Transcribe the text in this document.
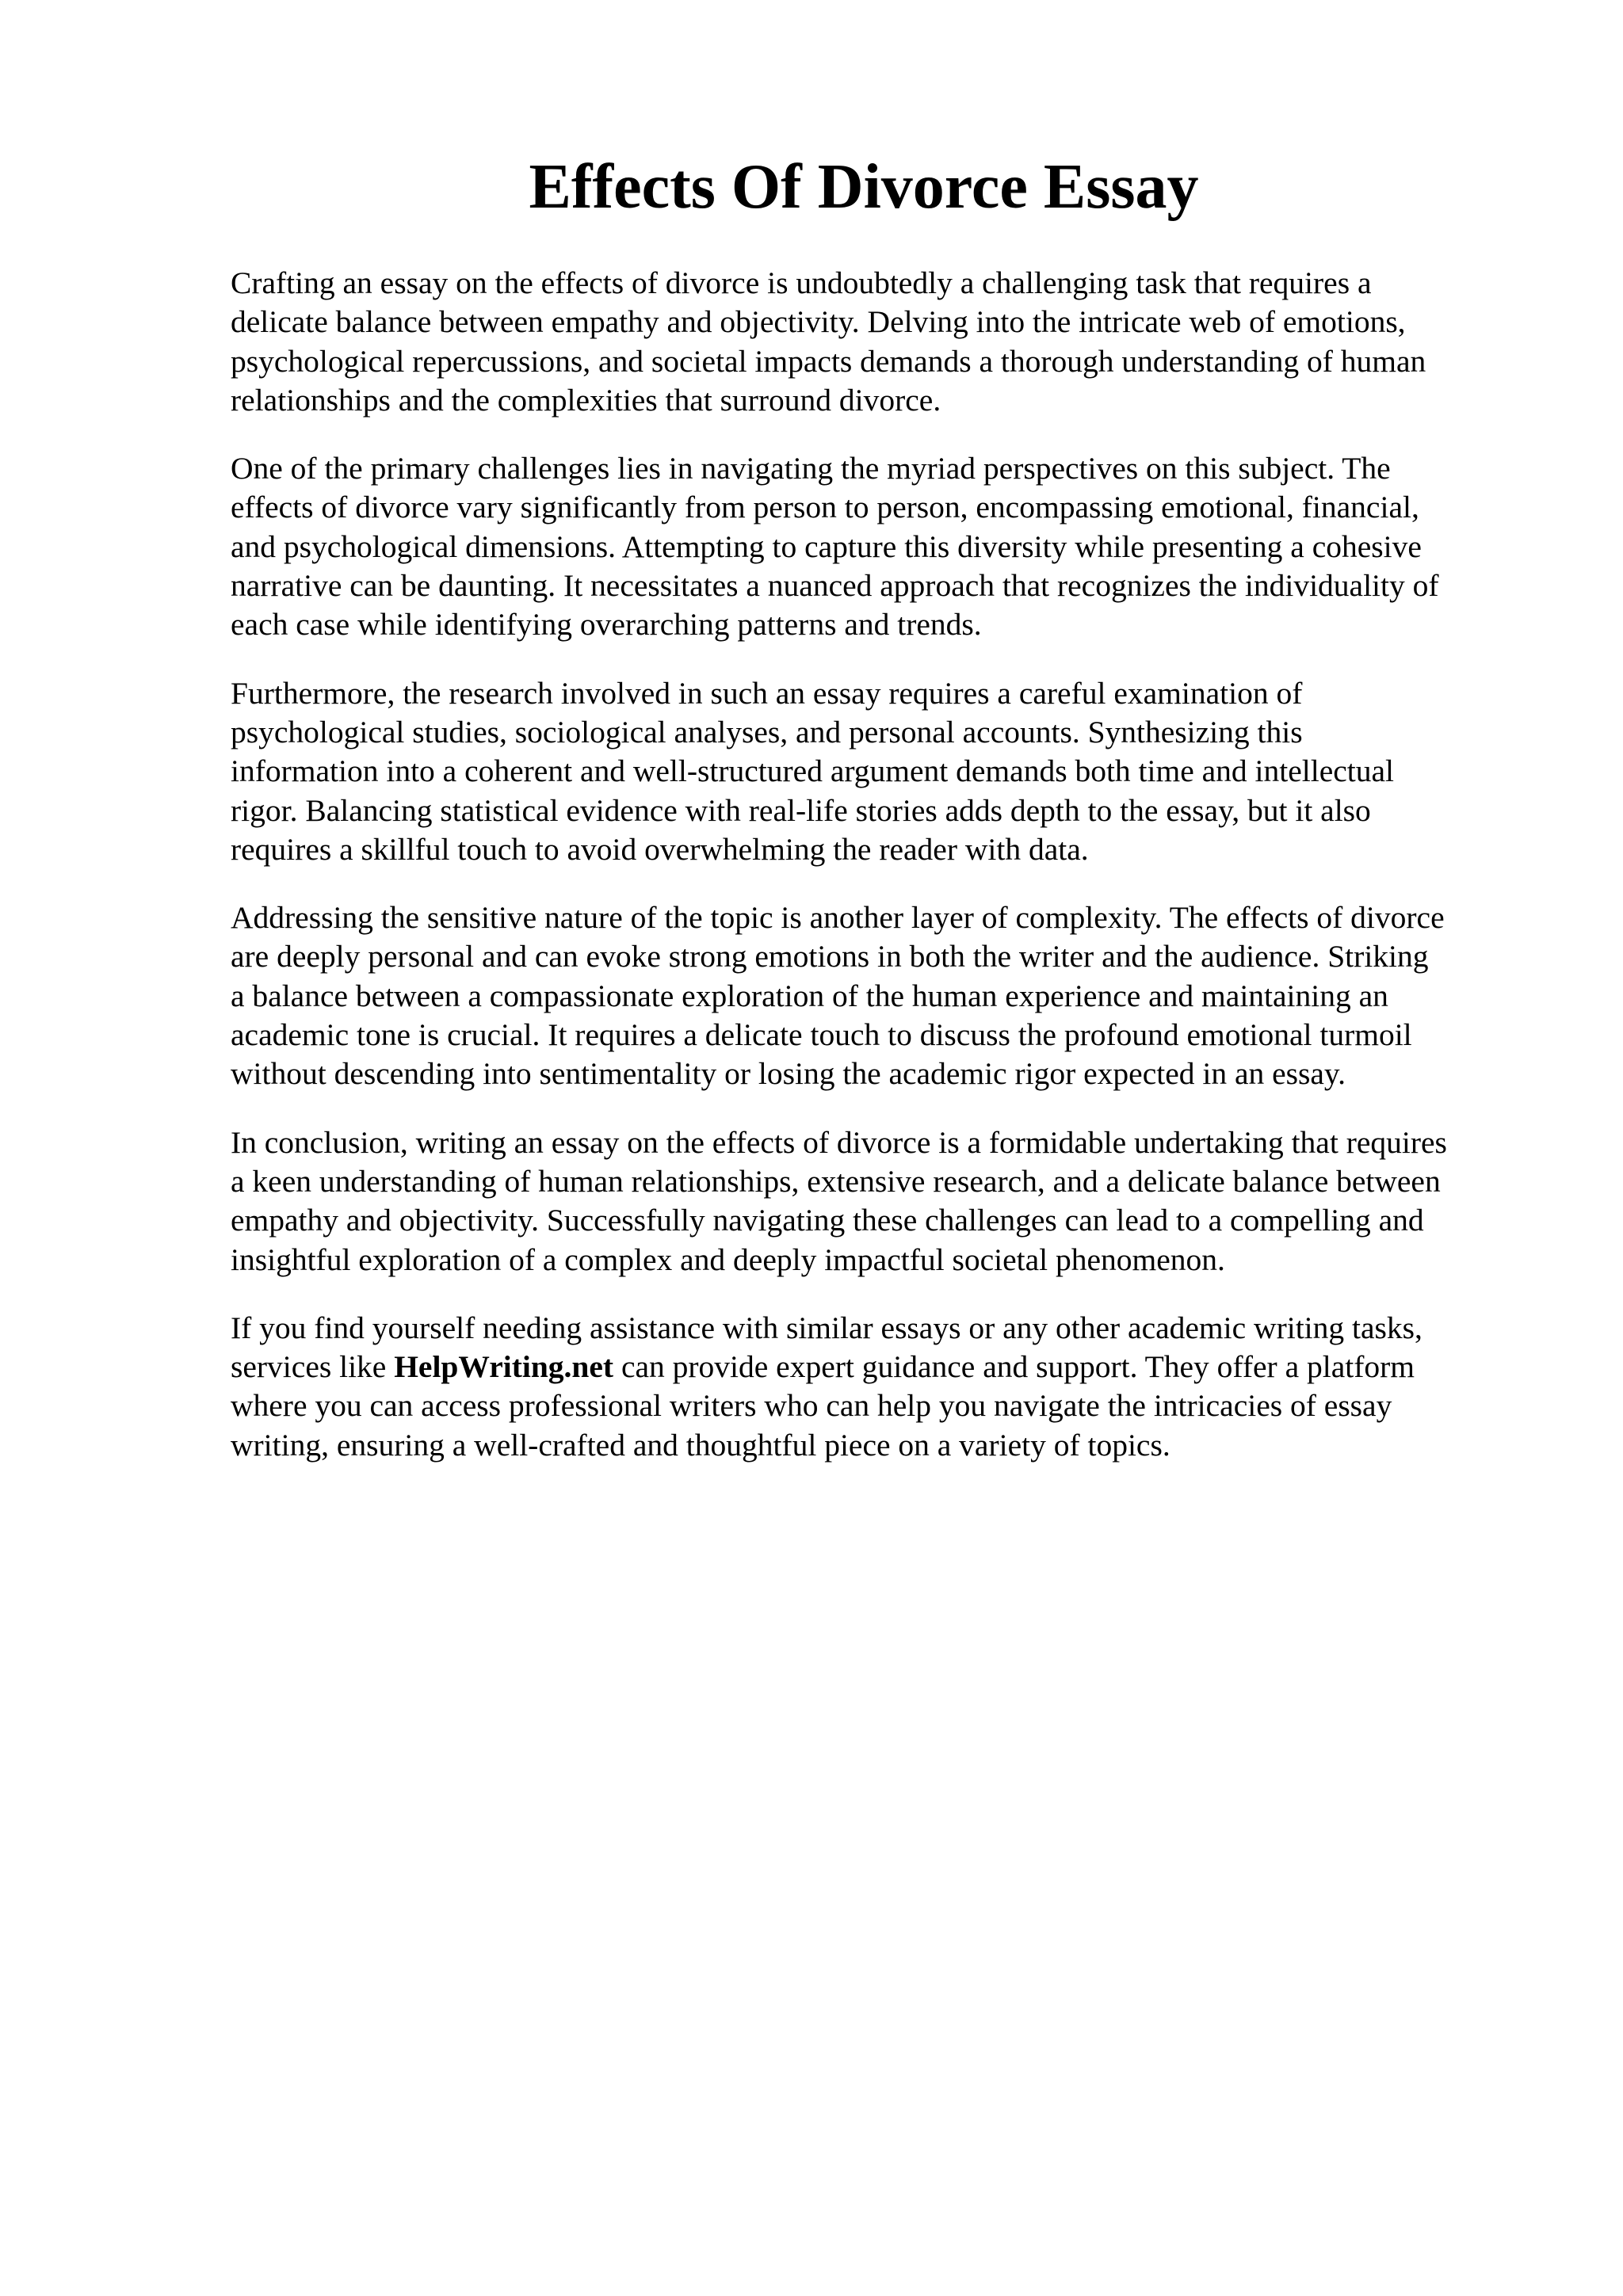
Effects Of Divorce Essay

Crafting an essay on the effects of divorce is undoubtedly a challenging task that requires a
delicate balance between empathy and objectivity. Delving into the intricate web of emotions,
psychological repercussions, and societal impacts demands a thorough understanding of human
relationships and the complexities that surround divorce.

One of the primary challenges lies in navigating the myriad perspectives on this subject. The
effects of divorce vary significantly from person to person, encompassing emotional, financial,
and psychological dimensions. Attempting to capture this diversity while presenting a cohesive
narrative can be daunting. It necessitates a nuanced approach that recognizes the individuality of
each case while identifying overarching patterns and trends.

Furthermore, the research involved in such an essay requires a careful examination of
psychological studies, sociological analyses, and personal accounts. Synthesizing this
information into a coherent and well-structured argument demands both time and intellectual
rigor. Balancing statistical evidence with real-life stories adds depth to the essay, but it also
requires a skillful touch to avoid overwhelming the reader with data.

Addressing the sensitive nature of the topic is another layer of complexity. The effects of divorce
are deeply personal and can evoke strong emotions in both the writer and the audience. Striking
a balance between a compassionate exploration of the human experience and maintaining an
academic tone is crucial. It requires a delicate touch to discuss the profound emotional turmoil
without descending into sentimentality or losing the academic rigor expected in an essay.

In conclusion, writing an essay on the effects of divorce is a formidable undertaking that requires
a keen understanding of human relationships, extensive research, and a delicate balance between
empathy and objectivity. Successfully navigating these challenges can lead to a compelling and
insightful exploration of a complex and deeply impactful societal phenomenon.

If you find yourself needing assistance with similar essays or any other academic writing tasks,
services like HelpWriting.net can provide expert guidance and support. They offer a platform
where you can access professional writers who can help you navigate the intricacies of essay
writing, ensuring a well-crafted and thoughtful piece on a variety of topics.
